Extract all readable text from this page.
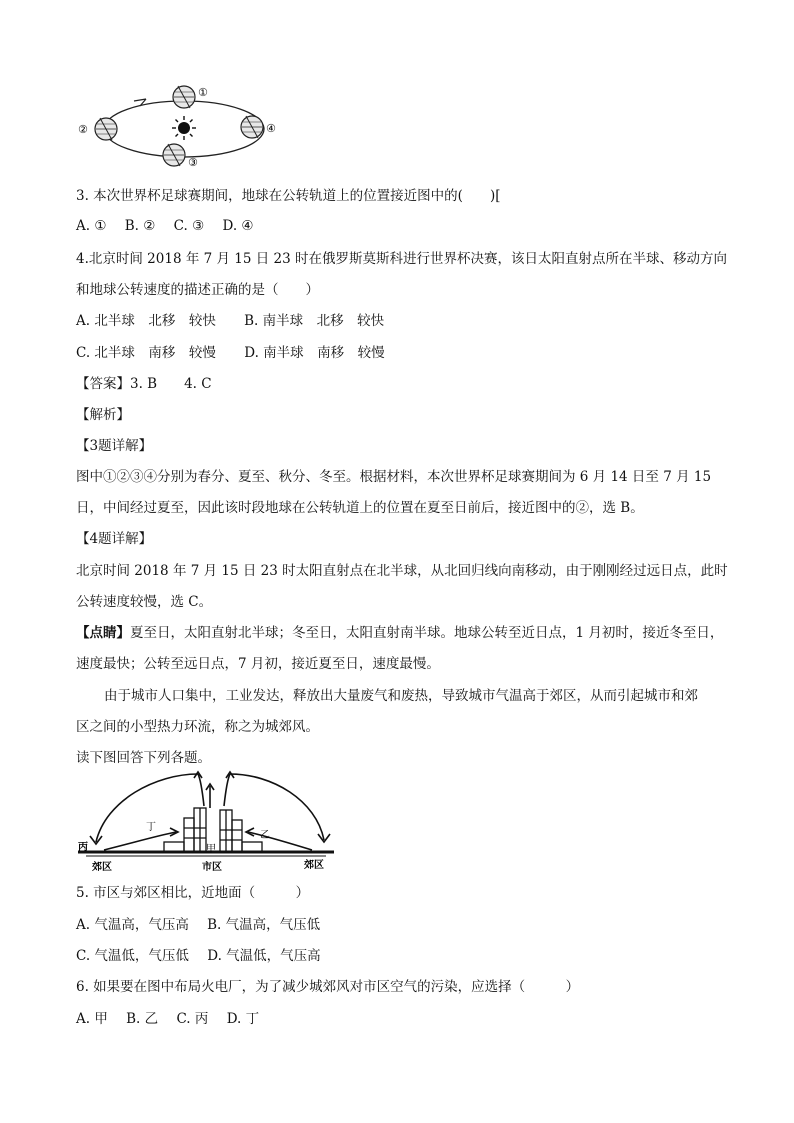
①
②
③
④
3. 本次世界杯足球赛期间，地球在公转轨道上的位置接近图中的(　　)[
A. ① B. ② C. ③ D. ④
4.北京时间 2018 年 7 月 15 日 23 时在俄罗斯莫斯科进行世界杯决赛，该日太阳直射点所在半球、移动方向
和地球公转速度的描述正确的是（　　）
A. 北半球　北移　较快 B. 南半球　北移　较快
C. 北半球　南移　较慢 D. 南半球　南移　较慢
【答案】3. B　　4. C
【解析】
【3题详解】
图中①②③④分别为春分、夏至、秋分、冬至。根据材料，本次世界杯足球赛期间为 6 月 14 日至 7 月 15
日，中间经过夏至，因此该时段地球在公转轨道上的位置在夏至日前后，接近图中的②，选 B。
【4题详解】
北京时间 2018 年 7 月 15 日 23 时太阳直射点在北半球，从北回归线向南移动，由于刚刚经过远日点，此时
公转速度较慢，选 C。
【点睛】夏至日，太阳直射北半球；冬至日，太阳直射南半球。地球公转至近日点，1 月初时，接近冬至日，
速度最快；公转至远日点，7 月初，接近夏至日，速度最慢。
由于城市人口集中，工业发达，释放出大量废气和废热，导致城市气温高于郊区，从而引起城市和郊
区之间的小型热力环流，称之为城郊风。
读下图回答下列各题。
丙
丁
甲
乙
郊区	市区	郊区
5. 市区与郊区相比，近地面（　　　）
A. 气温高，气压高 B. 气温高，气压低
C. 气温低，气压低 D. 气温低，气压高
6. 如果要在图中布局火电厂，为了减少城郊风对市区空气的污染，应选择（　　　）
A. 甲 B. 乙 C. 丙 D. 丁
